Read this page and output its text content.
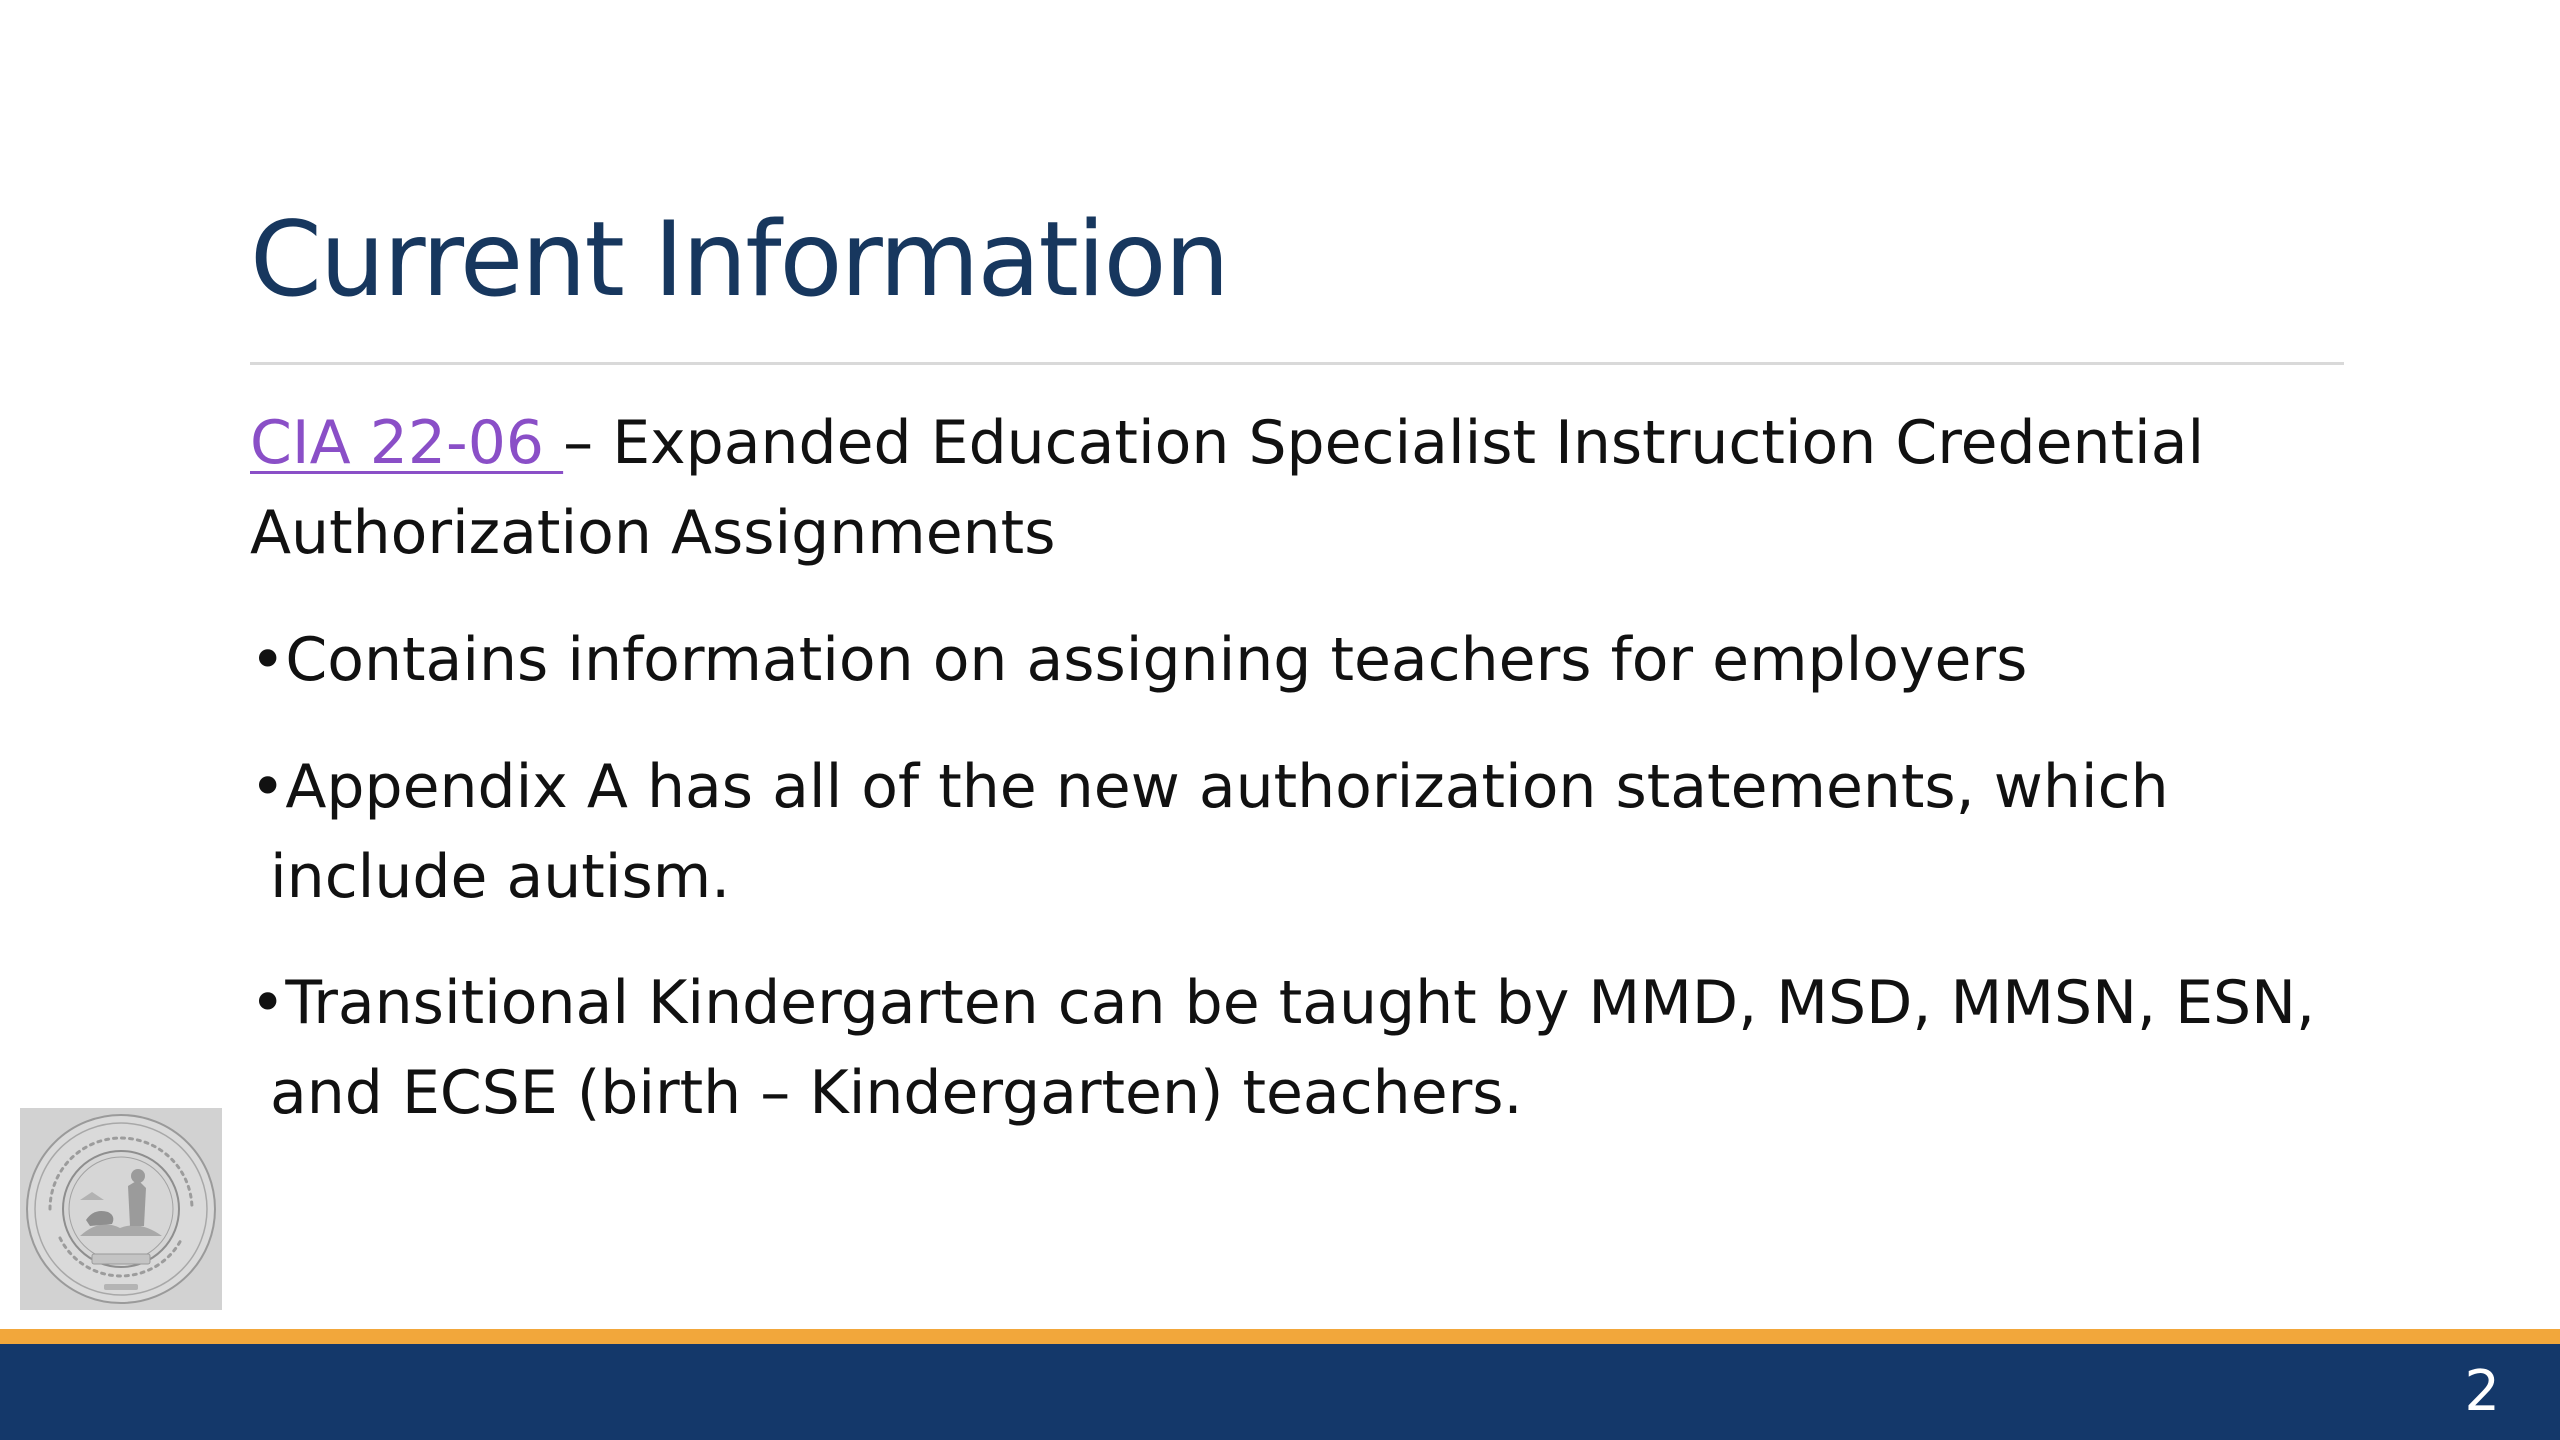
Current Information

CIA 22-06 – Expanded Education Specialist Instruction Credential
Authorization Assignments

•Contains information on assigning teachers for employers

•Appendix A has all of the new authorization statements, which
include autism.

•Transitional Kindergarten can be taught by MMD, MSD, MMSN, ESN,
and ECSE (birth – Kindergarten) teachers.

2
